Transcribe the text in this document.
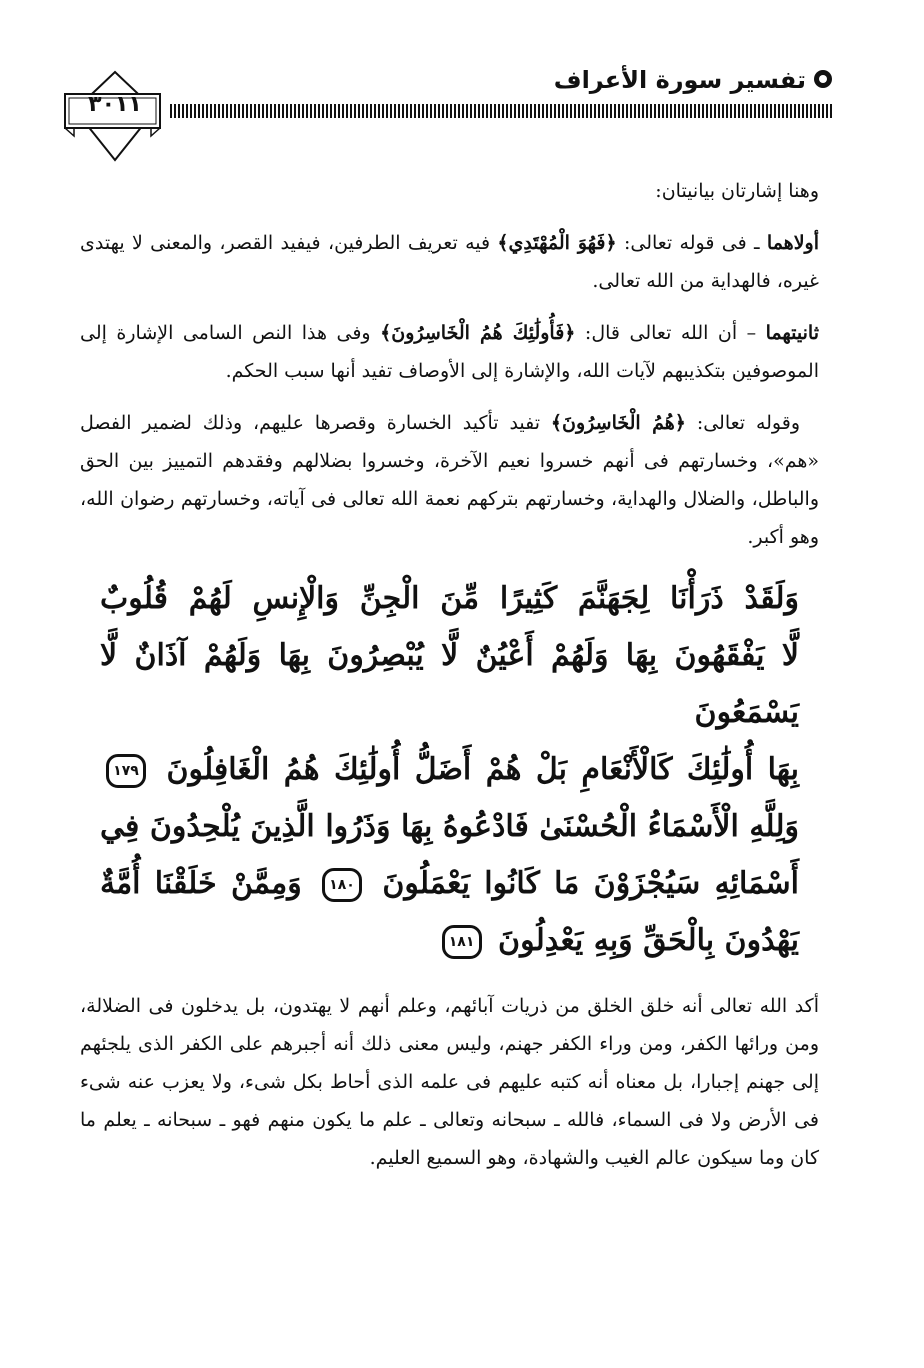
تفسير سورة الأعراف
٣٠١١

وهنا إشارتان بيانيتان:

أولاهما ـ فى قوله تعالى: ﴿فَهُوَ الْمُهْتَدِي﴾ فيه تعريف الطرفين، فيفيد القصر، والمعنى لا يهتدى غيره، فالهداية من الله تعالى.

ثانيتهما – أن الله تعالى قال: ﴿فَأُولَٰئِكَ هُمُ الْخَاسِرُونَ﴾ وفى هذا النص السامى الإشارة إلى الموصوفين بتكذيبهم لآيات الله، والإشارة إلى الأوصاف تفيد أنها سبب الحكم.

 وقوله تعالى: ﴿هُمُ الْخَاسِرُونَ﴾ تفيد تأكيد الخسارة وقصرها عليهم، وذلك لضمير الفصل «هم»، وخسارتهم فى أنهم خسروا نعيم الآخرة، وخسروا بضلالهم وفقدهم التمييز بين الحق والباطل، والضلال والهداية، وخسارتهم بتركهم نعمة الله تعالى فى آياته، وخسارتهم رضوان الله، وهو أكبر.

وَلَقَدْ ذَرَأْنَا لِجَهَنَّمَ كَثِيرًا مِّنَ الْجِنِّ وَالْإِنسِ لَهُمْ قُلُوبٌ
لَّا يَفْقَهُونَ بِهَا وَلَهُمْ أَعْيُنٌ لَّا يُبْصِرُونَ بِهَا وَلَهُمْ آذَانٌ لَّا يَسْمَعُونَ
بِهَا أُولَٰئِكَ كَالْأَنْعَامِ بَلْ هُمْ أَضَلُّ أُولَٰئِكَ هُمُ الْغَافِلُونَ ١٧٩
وَلِلَّهِ الْأَسْمَاءُ الْحُسْنَىٰ فَادْعُوهُ بِهَا وَذَرُوا الَّذِينَ يُلْحِدُونَ فِي
أَسْمَائِهِ سَيُجْزَوْنَ مَا كَانُوا يَعْمَلُونَ ١٨٠ وَمِمَّنْ خَلَقْنَا أُمَّةٌ
يَهْدُونَ بِالْحَقِّ وَبِهِ يَعْدِلُونَ ١٨١

أكد الله تعالى أنه خلق الخلق من ذريات آبائهم، وعلم أنهم لا يهتدون، بل يدخلون فى الضلالة، ومن ورائها الكفر، ومن وراء الكفر جهنم، وليس معنى ذلك أنه أجبرهم على الكفر الذى يلجئهم إلى جهنم إجبارا، بل معناه أنه كتبه عليهم فى علمه الذى أحاط بكل شىء، ولا يعزب عنه شىء فى الأرض ولا فى السماء، فالله ـ سبحانه وتعالى ـ علم ما يكون منهم فهو ـ سبحانه ـ يعلم ما كان وما سيكون عالم الغيب والشهادة، وهو السميع العليم.
